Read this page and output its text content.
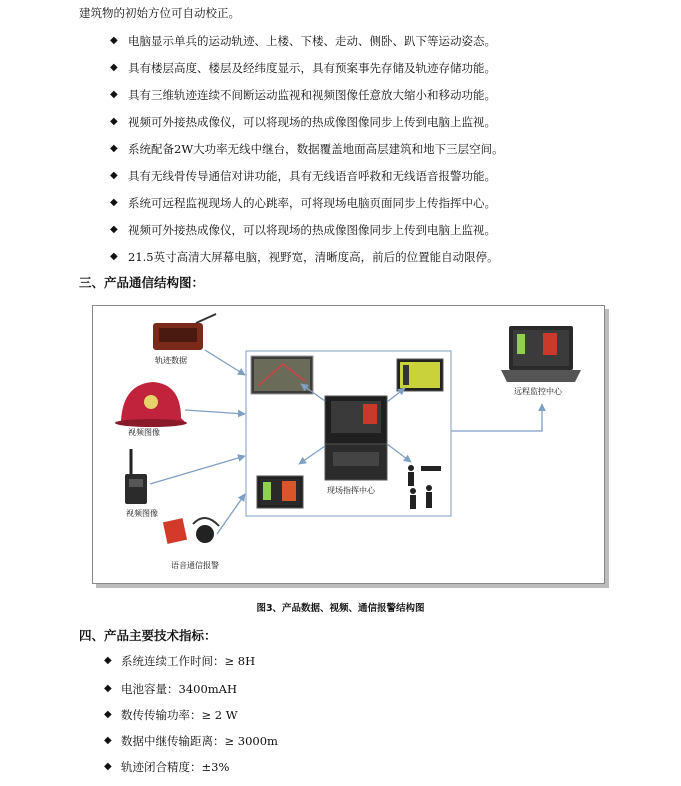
建筑物的初始方位可自动校正。
◆ 电脑显示单兵的运动轨迹、上楼、下楼、走动、侧卧、趴下等运动姿态。
◆ 具有楼层高度、楼层及经纬度显示，具有预案事先存储及轨迹存储功能。
◆ 具有三维轨迹连续不间断运动监视和视频图像任意放大缩小和移动功能。
◆ 视频可外接热成像仪，可以将现场的热成像图像同步上传到电脑上监视。
◆ 系统配备2W大功率无线中继台，数据覆盖地面高层建筑和地下三层空间。
◆ 具有无线骨传导通信对讲功能，具有无线语音呼救和无线语音报警功能。
◆ 系统可远程监视现场人的心跳率，可将现场电脑页面同步上传指挥中心。
◆ 视频可外接热成像仪，可以将现场的热成像图像同步上传到电脑上监视。
◆ 21.5英寸高清大屏幕电脑，视野宽，清晰度高，前后的位置能自动限停。
三、产品通信结构图：
轨迹数据
视频图像
视频图像
语音通信报警
现场指挥中心
远程监控中心
图3、产品数据、视频、通信报警结构图
四、产品主要技术指标：
◆ 系统连续工作时间：≥ 8H
◆ 电池容量：3400mAH
◆ 数传传输功率：≥ 2 W
◆ 数据中继传输距离：≥ 3000m
◆ 轨迹闭合精度：±3%
